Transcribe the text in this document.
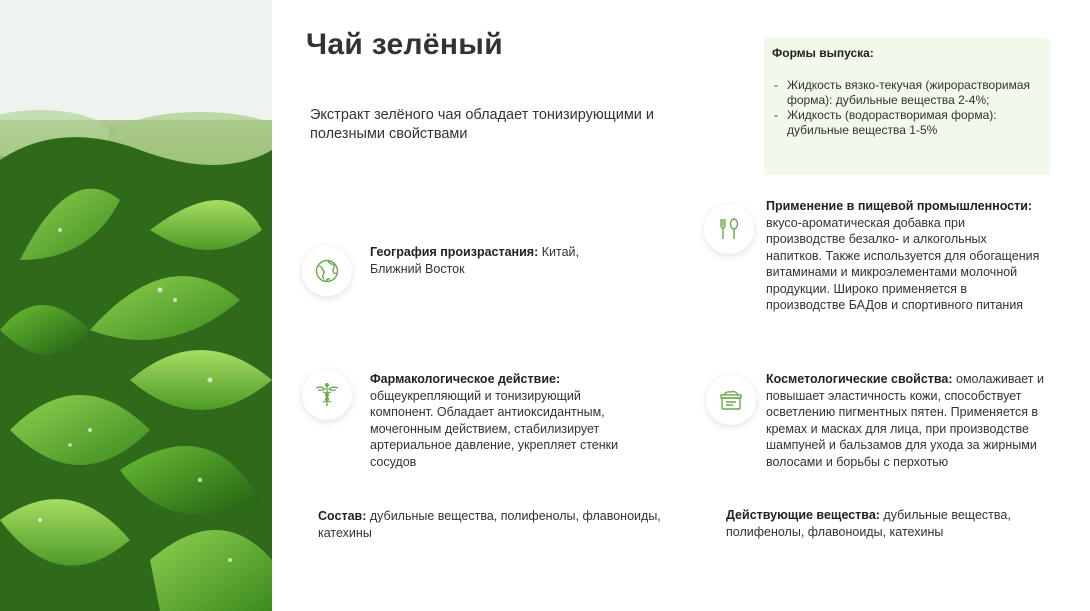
Чай зелёный
Экстракт зелёного чая обладает тонизирующими и полезными свойствами
Формы выпуска:
- Жидкость вязко-текучая (жирорастворимая форма): дубильные вещества 2-4%;
- Жидкость (водорастворимая форма): дубильные вещества 1-5%
География произрастания: Китай, Ближний Восток
Применение в пищевой промышленности: вкусо-ароматическая добавка при производстве безалко- и алкогольных напитков. Также используется для обогащения витаминами и микроэлементами молочной продукции. Широко применяется в производстве БАДов и спортивного питания
Фармакологическое действие: общеукрепляющий и тонизирующий компонент. Обладает антиоксидантным, мочегонным действием, стабилизирует артериальное давление, укрепляет стенки сосудов
Косметологические свойства: омолаживает и повышает эластичность кожи, способствует осветлению пигментных пятен. Применяется в кремах и масках для лица, при производстве шампуней и бальзамов для ухода за жирными волосами и борьбы с перхотью
Состав: дубильные вещества, полифенолы, флавоноиды, катехины
Действующие вещества: дубильные вещества, полифенолы, флавоноиды, катехины
